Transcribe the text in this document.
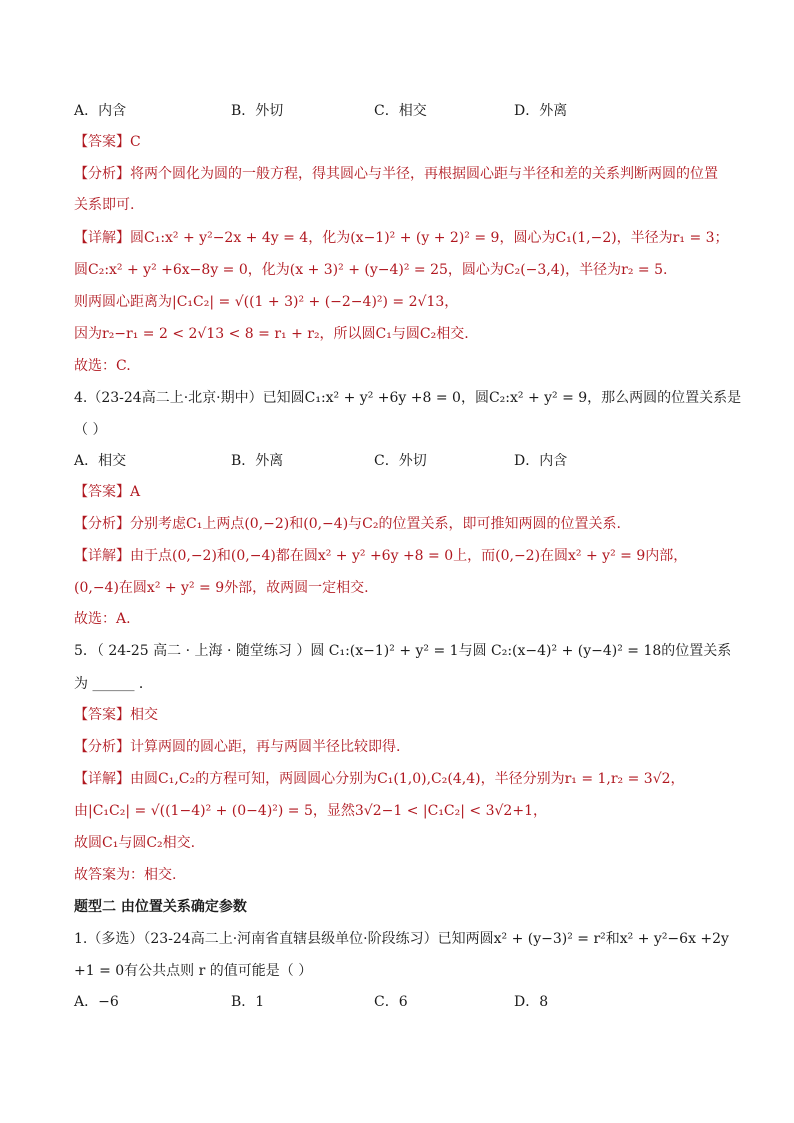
A．内含	B．外切	C．相交	D．外离
【答案】C
【分析】将两个圆化为圆的一般方程，得其圆心与半径，再根据圆心距与半径和差的关系判断两圆的位置
关系即可.
【详解】圆C₁:x² + y²−2x + 4y = 4，化为(x−1)² + (y + 2)² = 9，圆心为C₁(1,−2)，半径为r₁ = 3；
圆C₂:x² + y² +6x−8y = 0，化为(x + 3)² + (y−4)² = 25，圆心为C₂(−3,4)，半径为r₂ = 5.
则两圆心距离为|C₁C₂| = √((1 + 3)² + (−2−4)²) = 2√13，
因为r₂−r₁ = 2 < 2√13 < 8 = r₁ + r₂，所以圆C₁与圆C₂相交.
故选：C.
4.（23-24高二上·北京·期中）已知圆C₁:x² + y² +6y +8 = 0，圆C₂:x² + y² = 9，那么两圆的位置关系是
（ ）
A．相交	B．外离	C．外切	D．内含
【答案】A
【分析】分别考虑C₁上两点(0,−2)和(0,−4)与C₂的位置关系，即可推知两圆的位置关系.
【详解】由于点(0,−2)和(0,−4)都在圆x² + y² +6y +8 = 0上，而(0,−2)在圆x² + y² = 9内部，
(0,−4)在圆x² + y² = 9外部，故两圆一定相交.
故选：A.
5．（ 24-25 高二 · 上海 · 随堂练习 ）圆 C₁:(x−1)² + y² = 1与圆 C₂:(x−4)² + (y−4)² = 18的位置关系
为 ______ ．
【答案】相交
【分析】计算两圆的圆心距，再与两圆半径比较即得.
【详解】由圆C₁,C₂的方程可知，两圆圆心分别为C₁(1,0),C₂(4,4)，半径分别为r₁ = 1,r₂ = 3√2，
由|C₁C₂| = √((1−4)² + (0−4)²) = 5，显然3√2−1 < |C₁C₂| < 3√2+1，
故圆C₁与圆C₂相交.
故答案为：相交.
题型二 由位置关系确定参数
1.（多选）（23-24高二上·河南省直辖县级单位·阶段练习）已知两圆x² + (y−3)² = r²和x² + y²−6x +2y
+1 = 0有公共点则 r 的值可能是（ ）
A．−6	B．1	C．6	D．8
